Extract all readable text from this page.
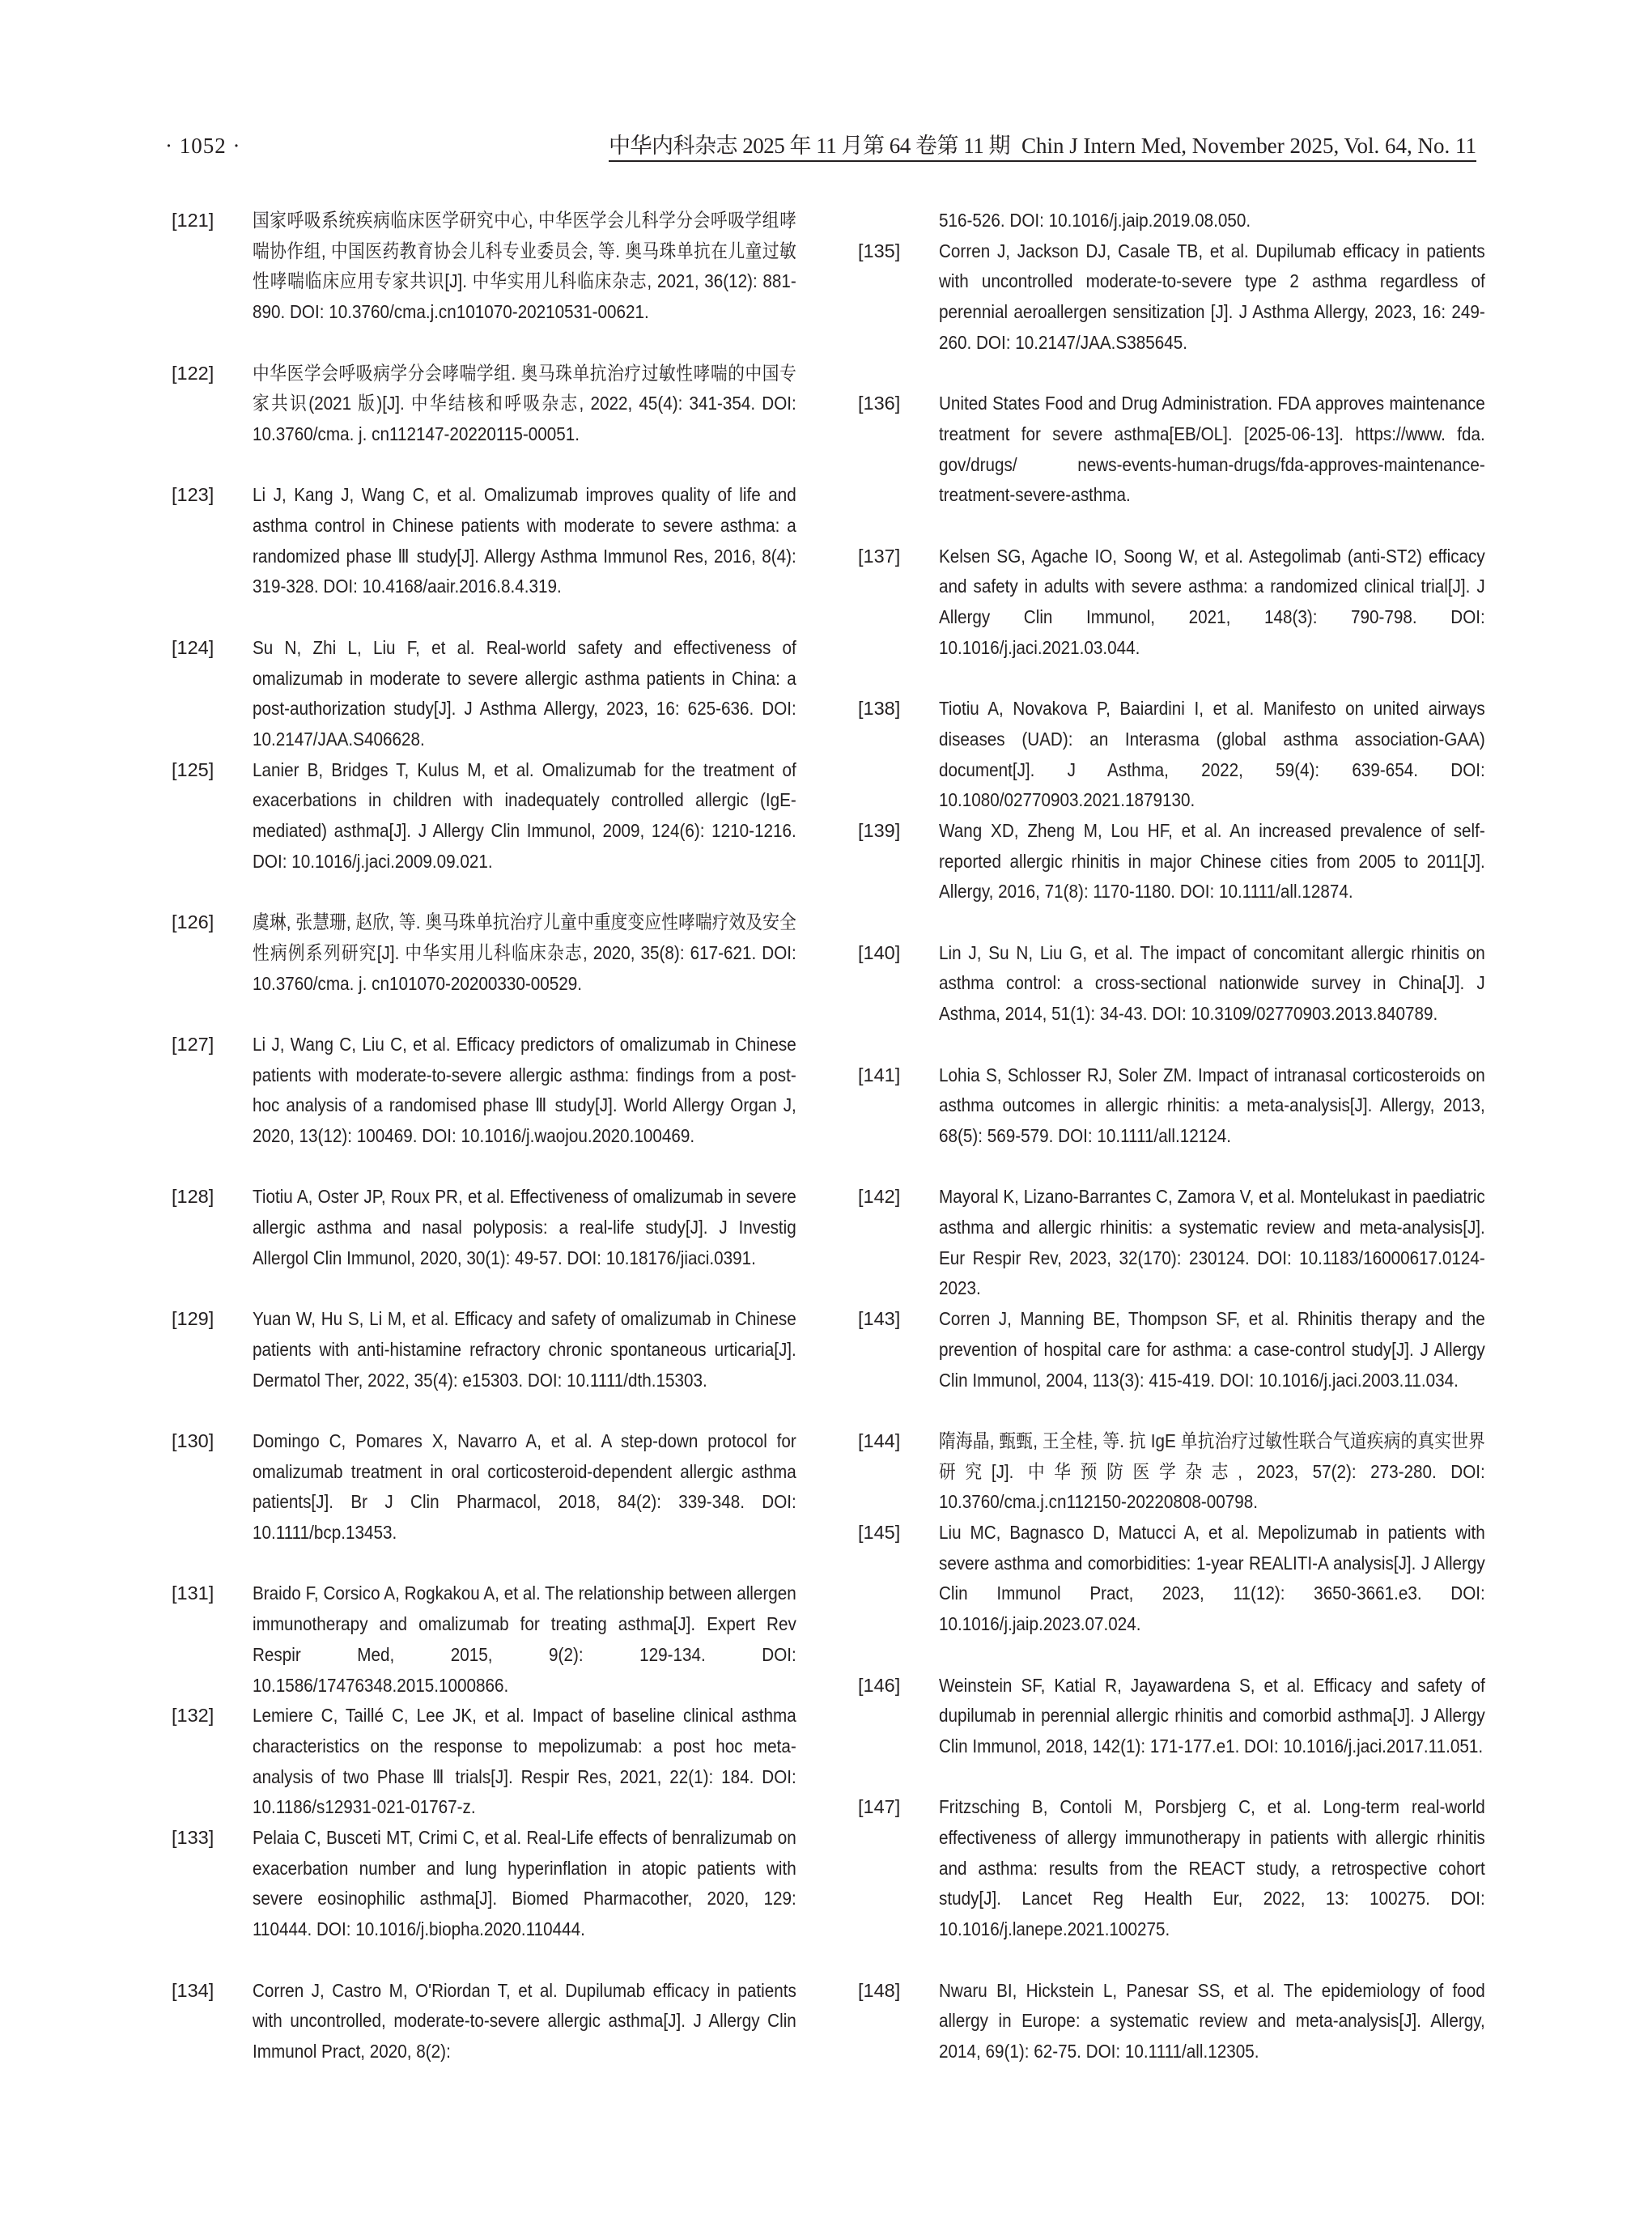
· 1052 ·	中华内科杂志 2025 年 11 月第 64 卷第 11 期 Chin J Intern Med, November 2025, Vol. 64, No. 11

[121] 国家呼吸系统疾病临床医学研究中心, 中华医学会儿科学分会呼吸学组哮喘协作组, 中国医药教育协会儿科专业委员会, 等. 奥马珠单抗在儿童过敏性哮喘临床应用专家共识[J]. 中华实用儿科临床杂志, 2021, 36(12): 881-890. DOI: 10.3760/cma.j.cn101070-20210531-00621.

[122] 中华医学会呼吸病学分会哮喘学组. 奥马珠单抗治疗过敏性哮喘的中国专家共识(2021 版)[J]. 中华结核和呼吸杂志, 2022, 45(4): 341-354. DOI: 10.3760/cma. j. cn112147-20220115-00051.

[123] Li J, Kang J, Wang C, et al. Omalizumab improves quality of life and asthma control in Chinese patients with moderate to severe asthma: a randomized phase Ⅲ study[J]. Allergy Asthma Immunol Res, 2016, 8(4): 319-328. DOI: 10.4168/aair.2016.8.4.319.

[124] Su N, Zhi L, Liu F, et al. Real-world safety and effectiveness of omalizumab in moderate to severe allergic asthma patients in China: a post-authorization study[J]. J Asthma Allergy, 2023, 16: 625-636. DOI: 10.2147/JAA.S406628.

[125] Lanier B, Bridges T, Kulus M, et al. Omalizumab for the treatment of exacerbations in children with inadequately controlled allergic (IgE-mediated) asthma[J]. J Allergy Clin Immunol, 2009, 124(6): 1210-1216. DOI: 10.1016/j.jaci.2009.09.021.

[126] 虞琳, 张慧珊, 赵欣, 等. 奥马珠单抗治疗儿童中重度变应性哮喘疗效及安全性病例系列研究[J]. 中华实用儿科临床杂志, 2020, 35(8): 617-621. DOI: 10.3760/cma. j. cn101070-20200330-00529.

[127] Li J, Wang C, Liu C, et al. Efficacy predictors of omalizumab in Chinese patients with moderate-to-severe allergic asthma: findings from a post-hoc analysis of a randomised phase Ⅲ study[J]. World Allergy Organ J, 2020, 13(12): 100469. DOI: 10.1016/j.waojou.2020.100469.

[128] Tiotiu A, Oster JP, Roux PR, et al. Effectiveness of omalizumab in severe allergic asthma and nasal polyposis: a real-life study[J]. J Investig Allergol Clin Immunol, 2020, 30(1): 49-57. DOI: 10.18176/jiaci.0391.

[129] Yuan W, Hu S, Li M, et al. Efficacy and safety of omalizumab in Chinese patients with anti-histamine refractory chronic spontaneous urticaria[J]. Dermatol Ther, 2022, 35(4): e15303. DOI: 10.1111/dth.15303.

[130] Domingo C, Pomares X, Navarro A, et al. A step-down protocol for omalizumab treatment in oral corticosteroid-dependent allergic asthma patients[J]. Br J Clin Pharmacol, 2018, 84(2): 339-348. DOI: 10.1111/bcp.13453.

[131] Braido F, Corsico A, Rogkakou A, et al. The relationship between allergen immunotherapy and omalizumab for treating asthma[J]. Expert Rev Respir Med, 2015, 9(2): 129-134. DOI: 10.1586/17476348.2015.1000866.

[132] Lemiere C, Taillé C, Lee JK, et al. Impact of baseline clinical asthma characteristics on the response to mepolizumab: a post hoc meta-analysis of two Phase Ⅲ trials[J]. Respir Res, 2021, 22(1): 184. DOI: 10.1186/s12931-021-01767-z.

[133] Pelaia C, Busceti MT, Crimi C, et al. Real-Life effects of benralizumab on exacerbation number and lung hyperinflation in atopic patients with severe eosinophilic asthma[J]. Biomed Pharmacother, 2020, 129: 110444. DOI: 10.1016/j.biopha.2020.110444.

[134] Corren J, Castro M, O'Riordan T, et al. Dupilumab efficacy in patients with uncontrolled, moderate-to-severe allergic asthma[J]. J Allergy Clin Immunol Pract, 2020, 8(2):

516-526. DOI: 10.1016/j.jaip.2019.08.050.

[135] Corren J, Jackson DJ, Casale TB, et al. Dupilumab efficacy in patients with uncontrolled moderate-to-severe type 2 asthma regardless of perennial aeroallergen sensitization [J]. J Asthma Allergy, 2023, 16: 249-260. DOI: 10.2147/JAA.S385645.

[136] United States Food and Drug Administration. FDA approves maintenance treatment for severe asthma[EB/OL]. [2025-06-13]. https://www. fda. gov/drugs/ news-events-human-drugs/fda-approves-maintenance-treatment-severe-asthma.

[137] Kelsen SG, Agache IO, Soong W, et al. Astegolimab (anti-ST2) efficacy and safety in adults with severe asthma: a randomized clinical trial[J]. J Allergy Clin Immunol, 2021, 148(3): 790-798. DOI: 10.1016/j.jaci.2021.03.044.

[138] Tiotiu A, Novakova P, Baiardini I, et al. Manifesto on united airways diseases (UAD): an Interasma (global asthma association-GAA) document[J]. J Asthma, 2022, 59(4): 639-654. DOI: 10.1080/02770903.2021.1879130.

[139] Wang XD, Zheng M, Lou HF, et al. An increased prevalence of self-reported allergic rhinitis in major Chinese cities from 2005 to 2011[J]. Allergy, 2016, 71(8): 1170-1180. DOI: 10.1111/all.12874.

[140] Lin J, Su N, Liu G, et al. The impact of concomitant allergic rhinitis on asthma control: a cross-sectional nationwide survey in China[J]. J Asthma, 2014, 51(1): 34-43. DOI: 10.3109/02770903.2013.840789.

[141] Lohia S, Schlosser RJ, Soler ZM. Impact of intranasal corticosteroids on asthma outcomes in allergic rhinitis: a meta-analysis[J]. Allergy, 2013, 68(5): 569-579. DOI: 10.1111/all.12124.

[142] Mayoral K, Lizano-Barrantes C, Zamora V, et al. Montelukast in paediatric asthma and allergic rhinitis: a systematic review and meta-analysis[J]. Eur Respir Rev, 2023, 32(170): 230124. DOI: 10.1183/16000617.0124-2023.

[143] Corren J, Manning BE, Thompson SF, et al. Rhinitis therapy and the prevention of hospital care for asthma: a case-control study[J]. J Allergy Clin Immunol, 2004, 113(3): 415-419. DOI: 10.1016/j.jaci.2003.11.034.

[144] 隋海晶, 甄甄, 王全桂, 等. 抗 IgE 单抗治疗过敏性联合气道疾病的真实世界研究[J]. 中华预防医学杂志, 2023, 57(2): 273-280. DOI: 10.3760/cma.j.cn112150-20220808-00798.

[145] Liu MC, Bagnasco D, Matucci A, et al. Mepolizumab in patients with severe asthma and comorbidities: 1-year REALITI-A analysis[J]. J Allergy Clin Immunol Pract, 2023, 11(12): 3650-3661.e3. DOI: 10.1016/j.jaip.2023.07.024.

[146] Weinstein SF, Katial R, Jayawardena S, et al. Efficacy and safety of dupilumab in perennial allergic rhinitis and comorbid asthma[J]. J Allergy Clin Immunol, 2018, 142(1): 171-177.e1. DOI: 10.1016/j.jaci.2017.11.051.

[147] Fritzsching B, Contoli M, Porsbjerg C, et al. Long-term real-world effectiveness of allergy immunotherapy in patients with allergic rhinitis and asthma: results from the REACT study, a retrospective cohort study[J]. Lancet Reg Health Eur, 2022, 13: 100275. DOI: 10.1016/j.lanepe.2021.100275.

[148] Nwaru BI, Hickstein L, Panesar SS, et al. The epidemiology of food allergy in Europe: a systematic review and meta-analysis[J]. Allergy, 2014, 69(1): 62-75. DOI: 10.1111/all.12305.
